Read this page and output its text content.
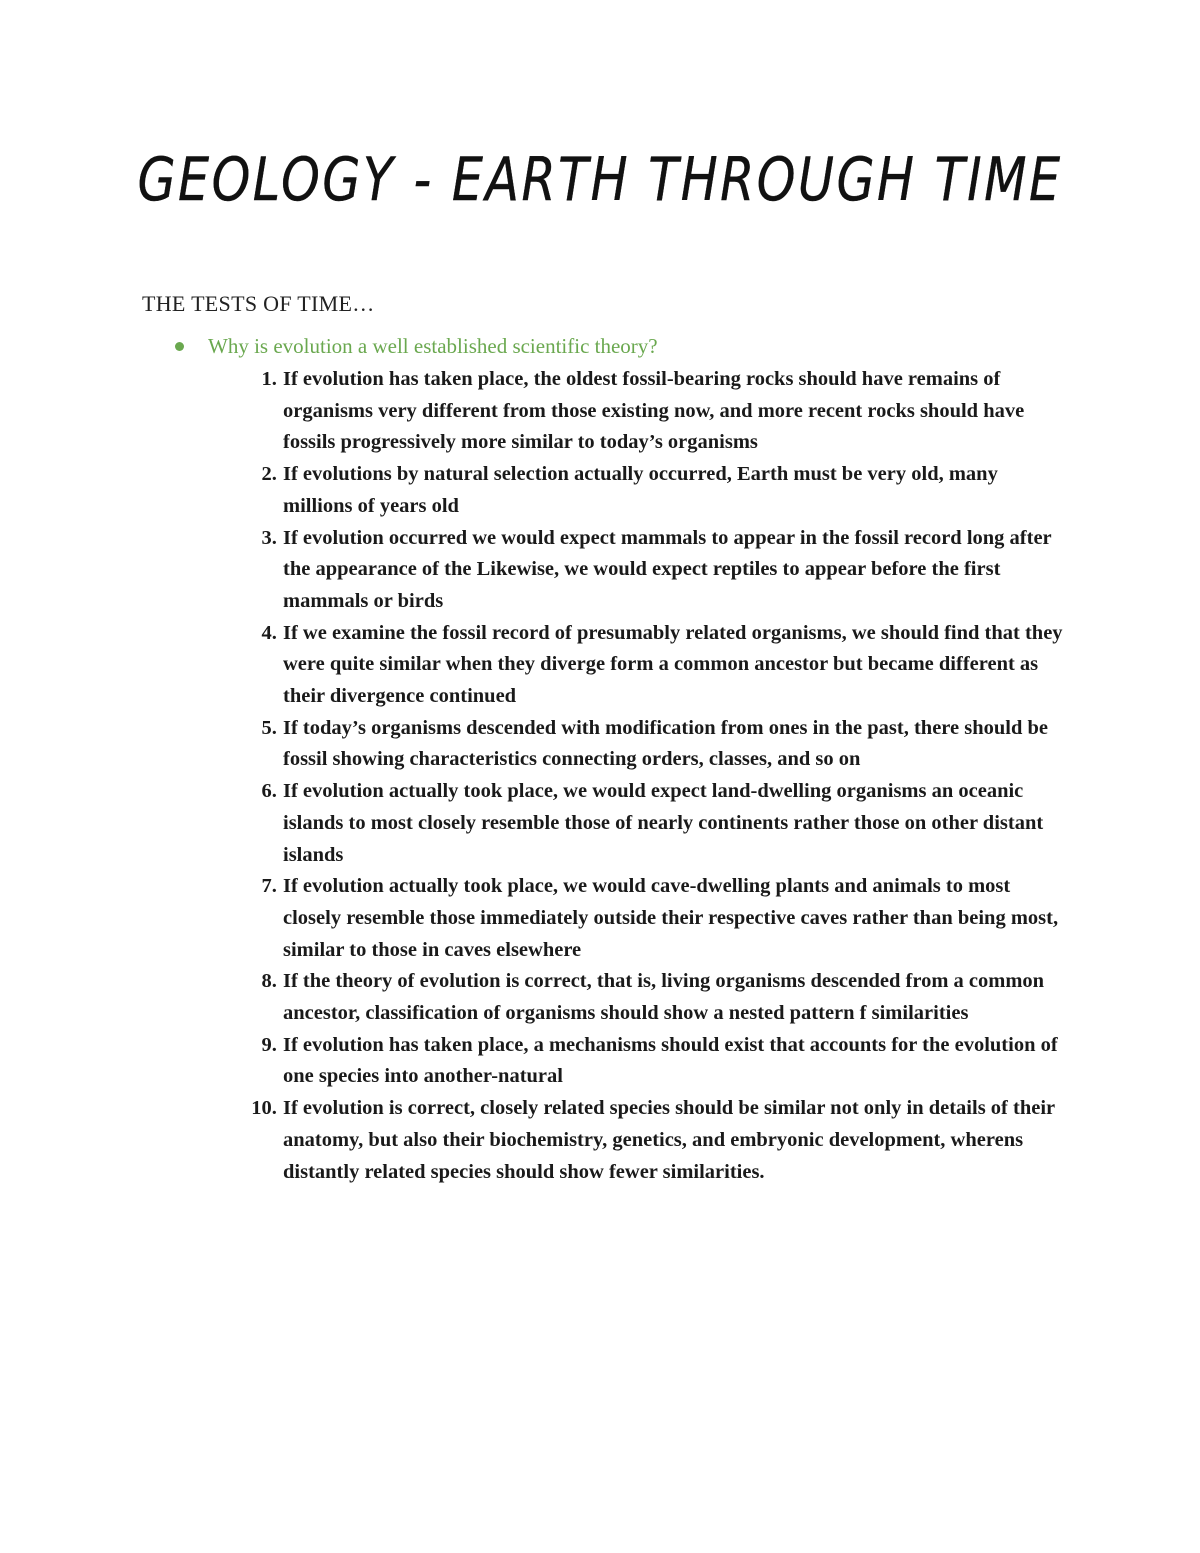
GEOLOGY - EARTH THROUGH TIME
THE TESTS OF TIME…
Why is evolution a well established scientific theory?
1. If evolution has taken place, the oldest fossil-bearing rocks should have remains of organisms very different from those existing now, and more recent rocks should have fossils progressively more similar to today’s organisms
2. If evolutions by natural selection actually occurred, Earth must be very old, many millions of years old
3. If evolution occurred we would expect mammals to appear in the fossil record long after the appearance of the Likewise, we would expect reptiles to appear before the first mammals or birds
4. If we examine the fossil record of presumably related organisms, we should find that they were quite similar when they diverge form a common ancestor but became different as their divergence continued
5. If today’s organisms descended with modification from ones in the past, there should be fossil showing characteristics connecting orders, classes, and so on
6. If evolution actually took place, we would expect land-dwelling organisms an oceanic islands to most closely resemble those of nearly continents rather those on other distant islands
7. If evolution actually took place, we would cave-dwelling plants and animals to most closely resemble those immediately outside their respective caves rather than being most, similar to those in caves elsewhere
8. If the theory of evolution is correct, that is, living organisms descended from a common ancestor, classification of organisms should show a nested pattern f similarities
9. If evolution has taken place, a mechanisms should exist that accounts for the evolution of one species into another-natural
10. If evolution is correct, closely related species should be similar not only in details of their anatomy, but also their biochemistry, genetics, and embryonic development, wherens distantly related species should show fewer similarities.
